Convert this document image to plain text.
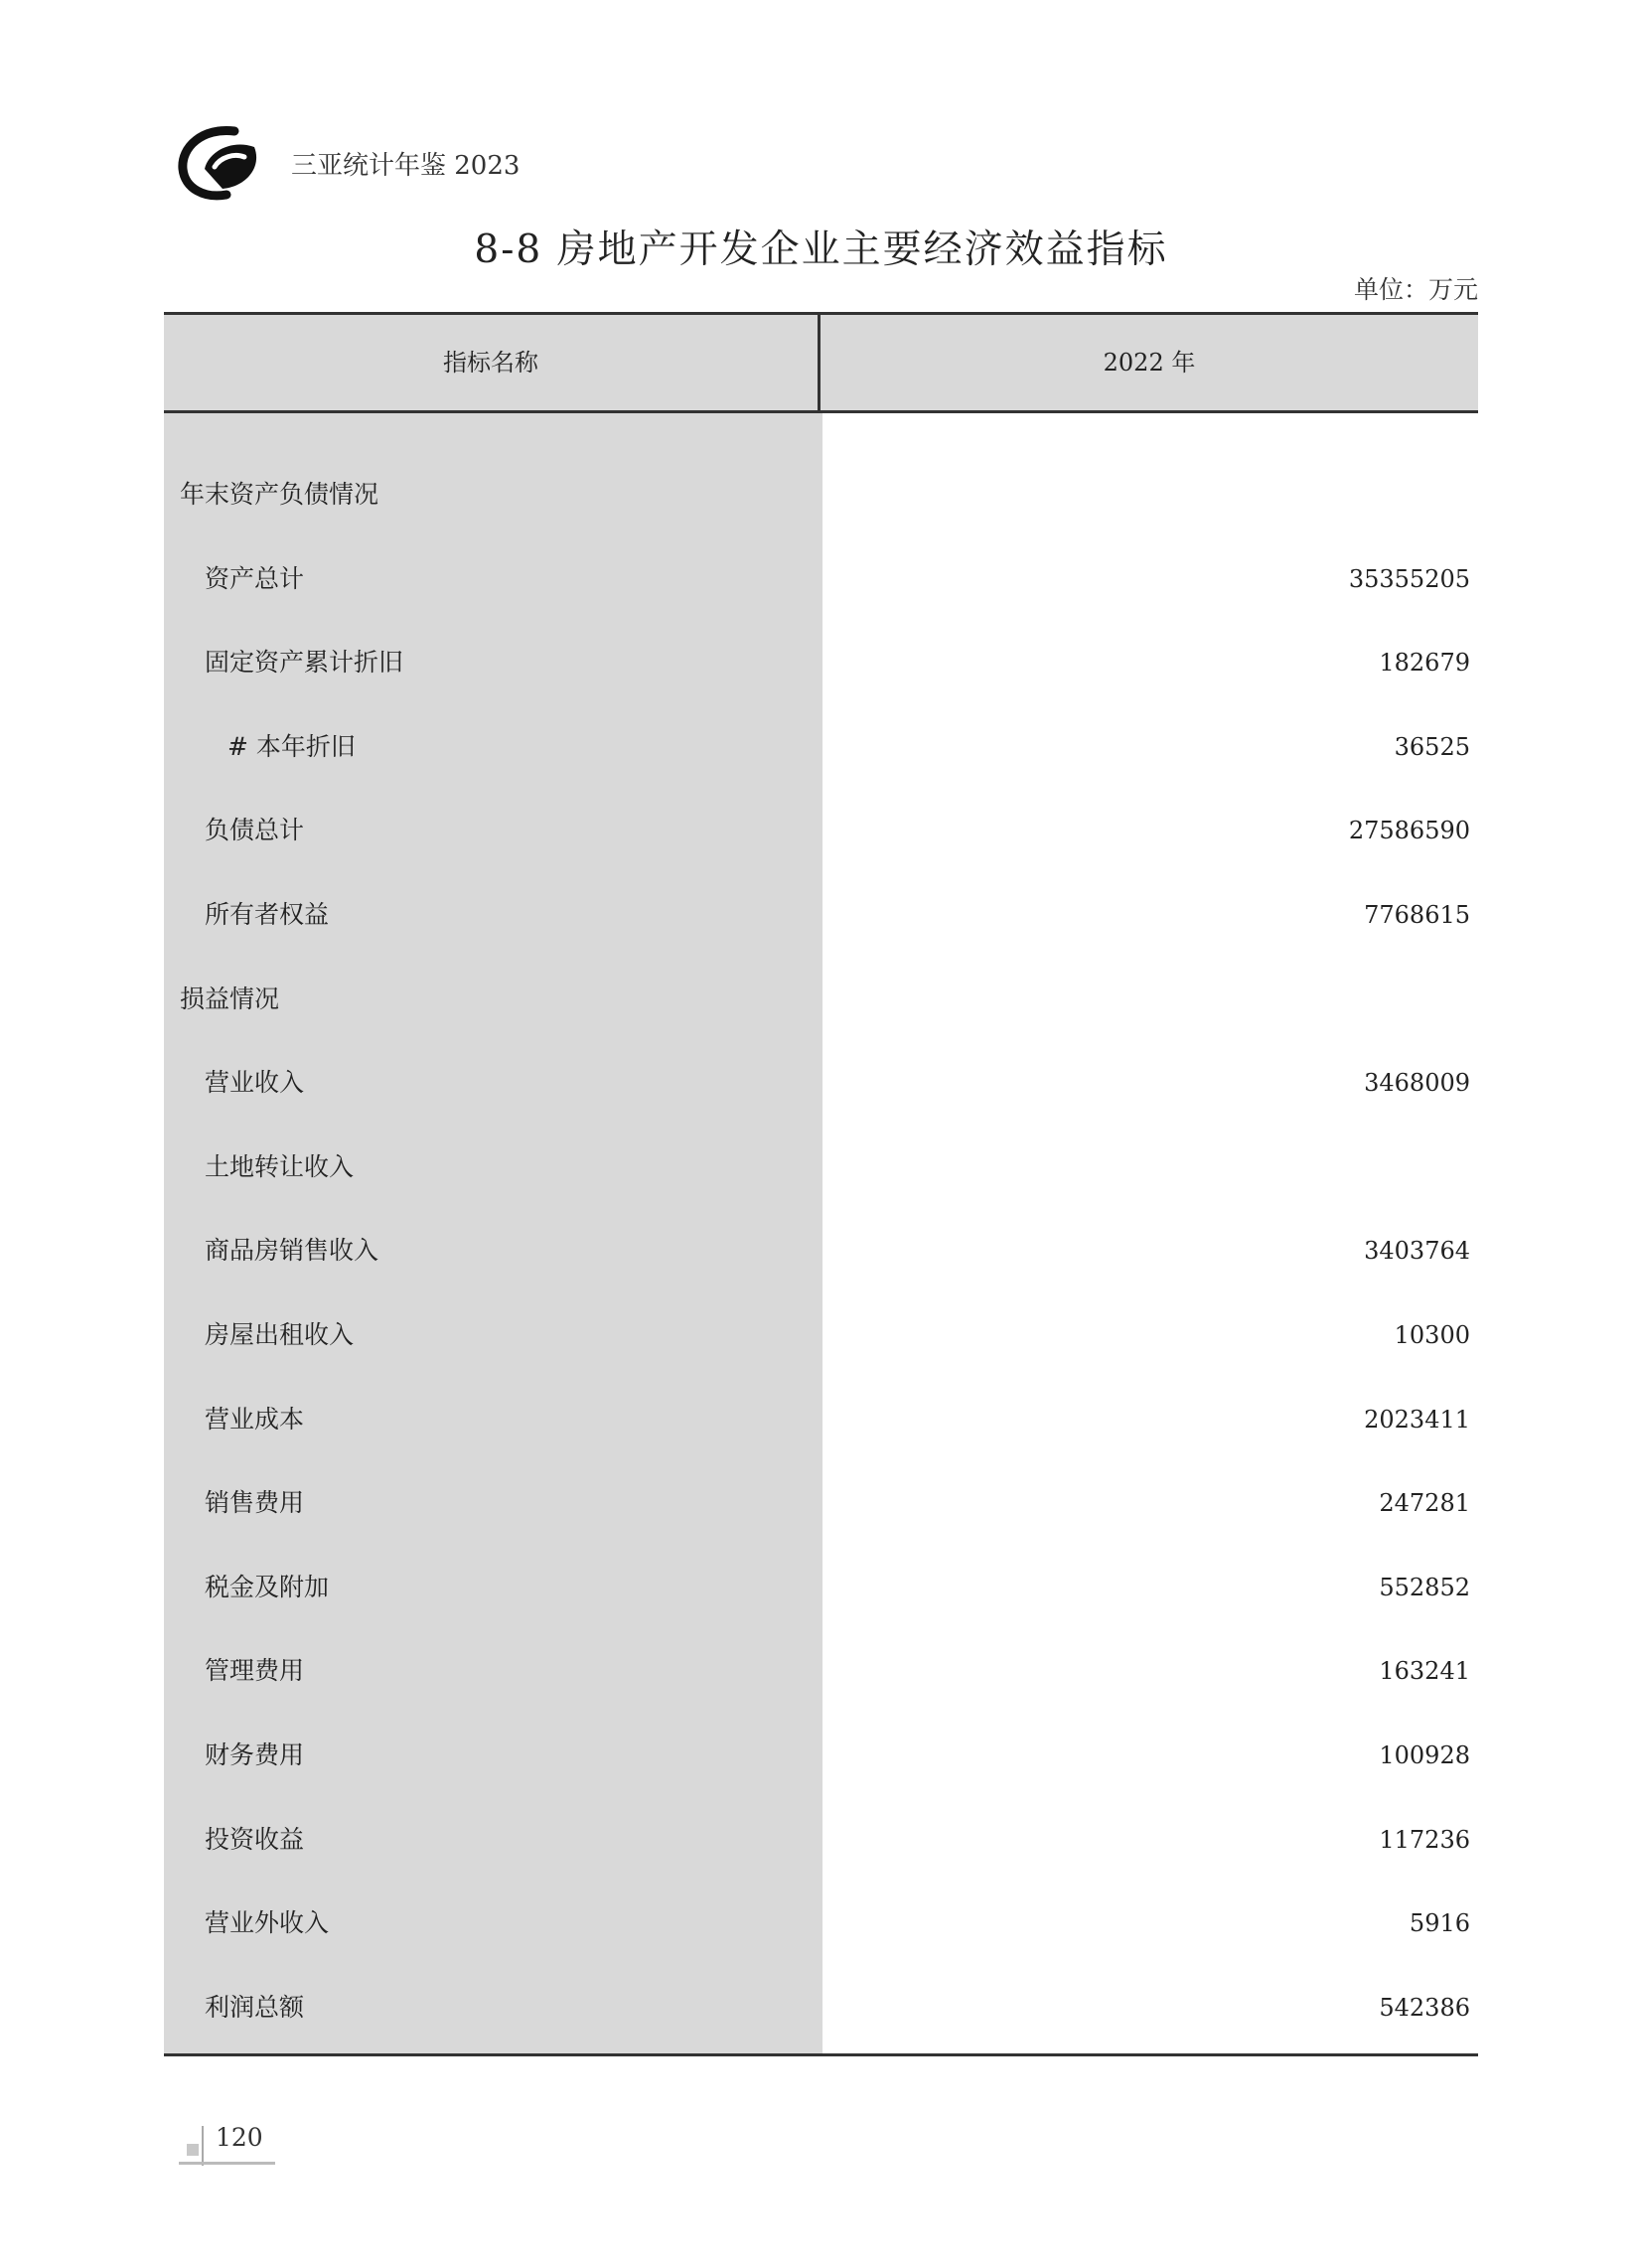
三亚统计年鉴 2023
8-8 房地产开发企业主要经济效益指标
单位：万元
指标名称	2022 年
年末资产负债情况
资产总计	35355205
固定资产累计折旧	182679
# 本年折旧	36525
负债总计	27586590
所有者权益	7768615
损益情况
营业收入	3468009
土地转让收入
商品房销售收入	3403764
房屋出租收入	10300
营业成本	2023411
销售费用	247281
税金及附加	552852
管理费用	163241
财务费用	100928
投资收益	117236
营业外收入	5916
利润总额	542386
120
